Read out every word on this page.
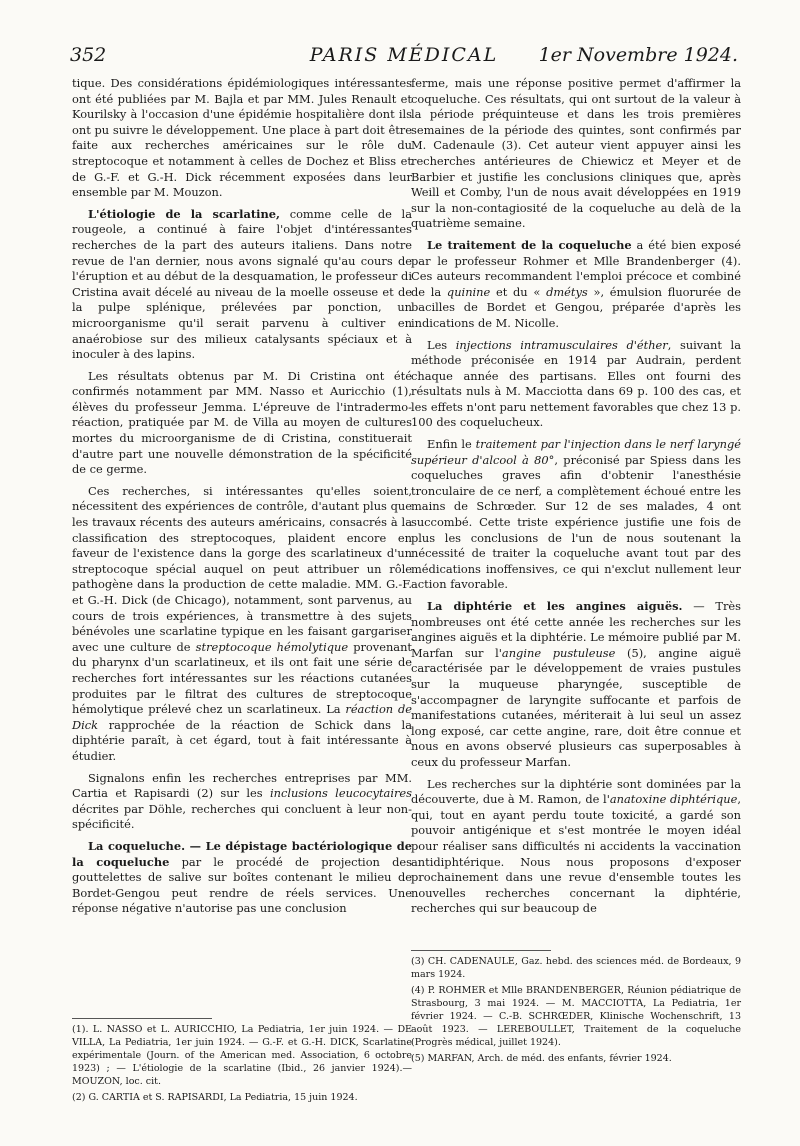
352	PARIS MÉDICAL	1er Novembre 1924.

tique. Des considérations épidémiologiques intéressantes ont été publiées par M. Bajla et par MM. Jules Renault et Kourilsky à l'occasion d'une épidémie hospitalière dont ils ont pu suivre le développement. Une place à part doit être faite aux recherches américaines sur le rôle du streptocoque et notamment à celles de Dochez et Bliss et de G.-F. et G.-H. Dick récemment exposées dans leur ensemble par M. Mouzon.

L'étiologie de la scarlatine, comme celle de la rougeole, a continué à faire l'objet d'intéressantes recherches de la part des auteurs italiens. Dans notre revue de l'an dernier, nous avons signalé qu'au cours de l'éruption et au début de la desquamation, le professeur di Cristina avait décelé au niveau de la moelle osseuse et de la pulpe splénique, prélevées par ponction, un microorganisme qu'il serait parvenu à cultiver en anaérobiose sur des milieux catalysants spéciaux et à inoculer à des lapins.

Les résultats obtenus par M. Di Cristina ont été confirmés notamment par MM. Nasso et Auricchio (1), élèves du professeur Jemma. L'épreuve de l'intradermo-réaction, pratiquée par M. de Villa au moyen de cultures mortes du microorganisme de di Cristina, constituerait d'autre part une nouvelle démonstration de la spécificité de ce germe.

Ces recherches, si intéressantes qu'elles soient, nécessitent des expériences de contrôle, d'autant plus que les travaux récents des auteurs américains, consacrés à la classification des streptocoques, plaident encore en faveur de l'existence dans la gorge des scarlatineux d'un streptocoque spécial auquel on peut attribuer un rôle pathogène dans la production de cette maladie. MM. G.-F. et G.-H. Dick (de Chicago), notamment, sont parvenus, au cours de trois expériences, à transmettre à des sujets bénévoles une scarlatine typique en les faisant gargariser avec une culture de streptocoque hémolytique provenant du pharynx d'un scarlatineux, et ils ont fait une série de recherches fort intéressantes sur les réactions cutanées produites par le filtrat des cultures de streptocoque hémolytique prélevé chez un scarlatineux. La réaction de Dick rapprochée de la réaction de Schick dans la diphtérie paraît, à cet égard, tout à fait intéressante à étudier.

Signalons enfin les recherches entreprises par MM. Cartia et Rapisardi (2) sur les inclusions leucocytaires décrites par Döhle, recherches qui concluent à leur non-spécificité.

La coqueluche. — Le dépistage bactériologique de la coqueluche par le procédé de projection des gouttelettes de salive sur boîtes contenant le milieu de Bordet-Gengou peut rendre de réels services. Une réponse négative n'autorise pas une conclusion

ferme, mais une réponse positive permet d'affirmer la coqueluche. Ces résultats, qui ont surtout de la valeur à la période préquinteuse et dans les trois premières semaines de la période des quintes, sont confirmés par M. Cadenaule (3). Cet auteur vient appuyer ainsi les recherches antérieures de Chiewicz et Meyer et de Barbier et justifie les conclusions cliniques que, après Weill et Comby, l'un de nous avait développées en 1919 sur la non-contagiosité de la coqueluche au delà de la quatrième semaine.

Le traitement de la coqueluche a été bien exposé par le professeur Rohmer et Mlle Brandenberger (4). Ces auteurs recommandent l'emploi précoce et combiné de la quinine et du « dmétys », émulsion fluorurée de bacilles de Bordet et Gengou, préparée d'après les indications de M. Nicolle.

Les injections intramusculaires d'éther, suivant la méthode préconisée en 1914 par Audrain, perdent chaque année des partisans. Elles ont fourni des résultats nuls à M. Macciotta dans 69 p. 100 des cas, et les effets n'ont paru nettement favorables que chez 13 p. 100 des coquelucheux.

Enfin le traitement par l'injection dans le nerf laryngé supérieur d'alcool à 80°, préconisé par Spiess dans les coqueluches graves afin d'obtenir l'anesthésie tronculaire de ce nerf, a complètement échoué entre les mains de Schrœder. Sur 12 de ses malades, 4 ont succombé. Cette triste expérience justifie une fois de plus les conclusions de l'un de nous soutenant la nécessité de traiter la coqueluche avant tout par des médications inoffensives, ce qui n'exclut nullement leur action favorable.

La diphtérie et les angines aiguës. — Très nombreuses ont été cette année les recherches sur les angines aiguës et la diphtérie. Le mémoire publié par M. Marfan sur l'angine pustuleuse (5), angine aiguë caractérisée par le développement de vraies pustules sur la muqueuse pharyngée, susceptible de s'accompagner de laryngite suffocante et parfois de manifestations cutanées, mériterait à lui seul un assez long exposé, car cette angine, rare, doit être connue et nous en avons observé plusieurs cas superposables à ceux du professeur Marfan.

Les recherches sur la diphtérie sont dominées par la découverte, due à M. Ramon, de l'anatoxine diphtérique, qui, tout en ayant perdu toute toxicité, a gardé son pouvoir antigénique et s'est montrée le moyen idéal pour réaliser sans difficultés ni accidents la vaccination antidiphtérique. Nous nous proposons d'exposer prochainement dans une revue d'ensemble toutes les nouvelles recherches concernant la diphtérie, recherches qui sur beaucoup de

(1). L. NASSO et L. AURICCHIO, La Pediatria, 1er juin 1924. — DE VILLA, La Pediatria, 1er juin 1924. — G.-F. et G.-H. DICK, Scarlatine expérimentale (Journ. of the American med. Association, 6 octobre 1923) ; — L'étiologie de la scarlatine (Ibid., 26 janvier 1924).— MOUZON, loc. cit.

(2) G. CARTIA et S. RAPISARDI, La Pediatria, 15 juin 1924.

(3) CH. CADENAULE, Gaz. hebd. des sciences méd. de Bordeaux, 9 mars 1924.

(4) P. ROHMER et Mlle BRANDENBERGER, Réunion pédiatrique de Strasbourg, 3 mai 1924. — M. MACCIOTTA, La Pediatria, 1er février 1924. — C.-B. SCHRŒDER, Klinische Wochenschrift, 13 août 1923. — LEREBOULLET, Traitement de la coqueluche (Progrès médical, juillet 1924).

(5) MARFAN, Arch. de méd. des enfants, février 1924.
